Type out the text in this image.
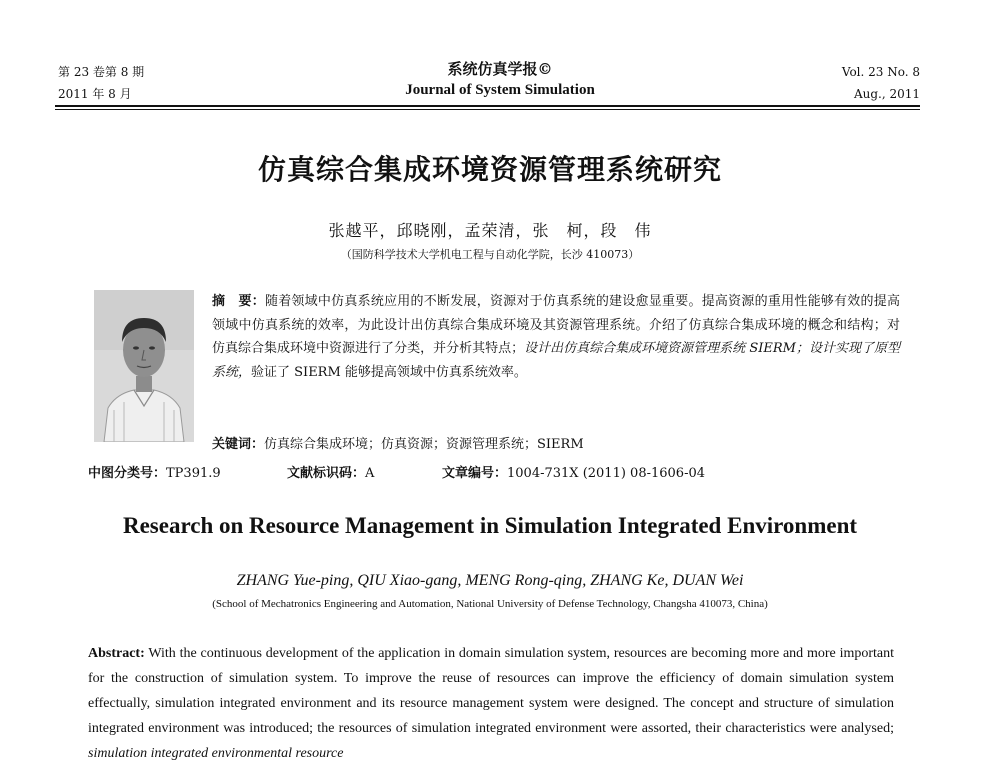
第 23 卷第 8 期
2011 年 8 月
系统仿真学报©
Journal of System Simulation
Vol. 23 No. 8
Aug., 2011
仿真综合集成环境资源管理系统研究
张越平，邱晓刚，孟荣清，张　柯，段　伟
（国防科学技术大学机电工程与自动化学院，长沙 410073）
摘　要：随着领域中仿真系统应用的不断发展，资源对于仿真系统的建设愈显重要。提高资源的重用性能够有效的提高领域中仿真系统的效率，为此设计出仿真综合集成环境及其资源管理系统。介绍了仿真综合集成环境的概念和结构；对仿真综合集成环境中资源进行了分类，并分析其特点；设计出仿真综合集成环境资源管理系统 SIERM；设计实现了原型系统，验证了 SIERM 能够提高领域中仿真系统效率。
关键词：仿真综合集成环境；仿真资源；资源管理系统；SIERM
中图分类号：TP391.9	文献标识码：A	文章编号：1004-731X (2011) 08-1606-04
Research on Resource Management in Simulation Integrated Environment
ZHANG Yue-ping, QIU Xiao-gang, MENG Rong-qing, ZHANG Ke, DUAN Wei
(School of Mechatronics Engineering and Automation, National University of Defense Technology, Changsha 410073, China)
Abstract: With the continuous development of the application in domain simulation system, resources are becoming more and more important for the construction of simulation system. To improve the reuse of resources can improve the efficiency of domain simulation system effectually, simulation integrated environment and its resource management system were designed. The concept and structure of simulation integrated environment was introduced; the resources of simulation integrated environment were assorted, their characteristics were analysed; simulation integrated environmental resource
